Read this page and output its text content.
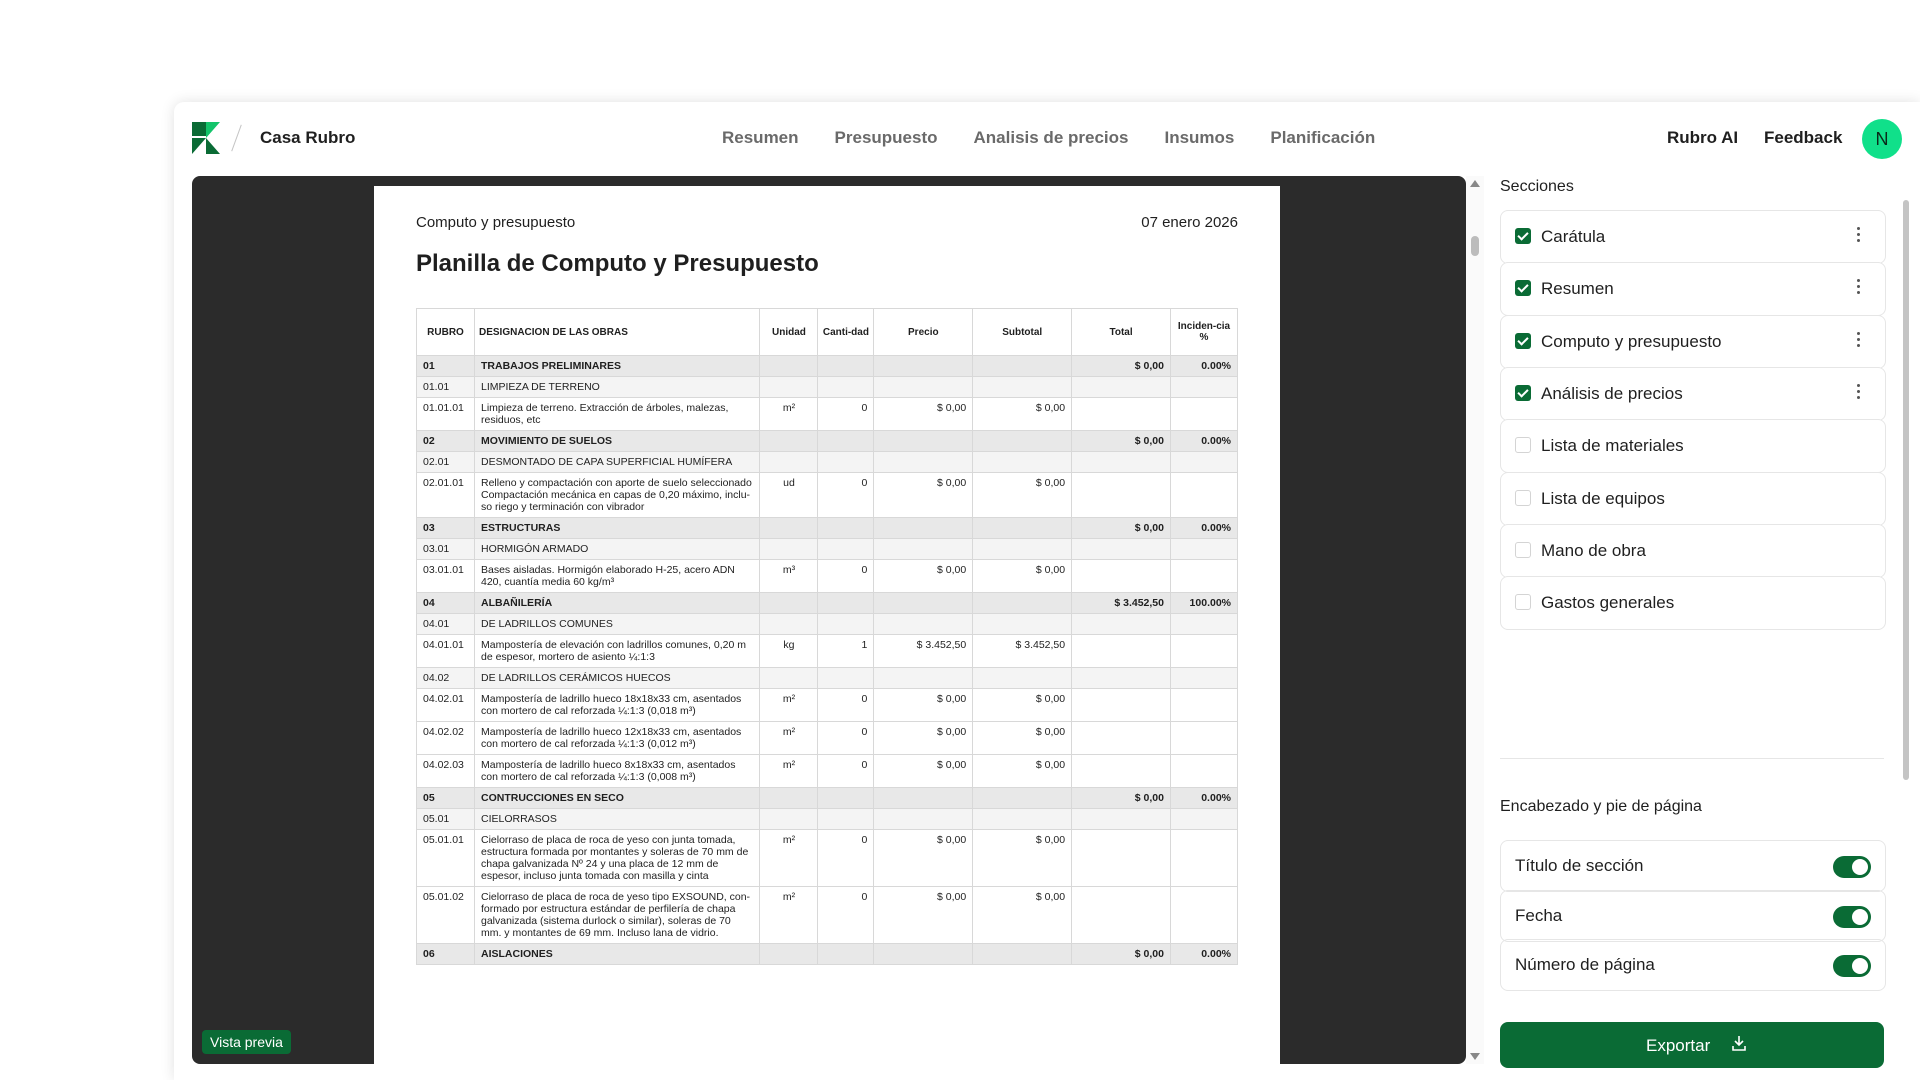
Casa Rubro	Resumen Presupuesto Analisis de precios Insumos Planificación	Rubro AI Feedback	N
Computo y presupuesto	07 enero 2026
Planilla de Computo y Presupuesto
RUBRO	DESIGNACION DE LAS OBRAS	Unidad	Canti-dad	Precio	Subtotal	Total	Inciden-cia %
01	TRABAJOS PRELIMINARES					$ 0,00	0.00%
01.01	LIMPIEZA DE TERRENO						
01.01.01	Limpieza de terreno. Extracción de árboles, malezas, residuos, etc	m²	0	$ 0,00	$ 0,00		
02	MOVIMIENTO DE SUELOS					$ 0,00	0.00%
02.01	DESMONTADO DE CAPA SUPERFICIAL HUMÍFERA						
02.01.01	Relleno y compactación con aporte de suelo seleccionado Compactación mecánica en capas de 0,20 máximo, inclu-so riego y terminación con vibrador	ud	0	$ 0,00	$ 0,00		
03	ESTRUCTURAS					$ 0,00	0.00%
03.01	HORMIGÓN ARMADO						
03.01.01	Bases aisladas. Hormigón elaborado H-25, acero ADN 420, cuantía media 60 kg/m³	m³	0	$ 0,00	$ 0,00		
04	ALBAÑILERÍA					$ 3.452,50	100.00%
04.01	DE LADRILLOS COMUNES						
04.01.01	Mampostería de elevación con ladrillos comunes, 0,20 m de espesor, mortero de asiento ¼:1:3	kg	1	$ 3.452,50	$ 3.452,50		
04.02	DE LADRILLOS CERÁMICOS HUECOS						
04.02.01	Mampostería de ladrillo hueco 18x18x33 cm, asentados con mortero de cal reforzada ¼:1:3 (0,018 m³)	m²	0	$ 0,00	$ 0,00		
04.02.02	Mampostería de ladrillo hueco 12x18x33 cm, asentados con mortero de cal reforzada ¼:1:3 (0,012 m³)	m²	0	$ 0,00	$ 0,00		
04.02.03	Mampostería de ladrillo hueco 8x18x33 cm, asentados con mortero de cal reforzada ¼:1:3 (0,008 m³)	m²	0	$ 0,00	$ 0,00		
05	CONTRUCCIONES EN SECO					$ 0,00	0.00%
05.01	CIELORRASOS						
05.01.01	Cielorraso de placa de roca de yeso con junta tomada, estructura formada por montantes y soleras de 70 mm de chapa galvanizada Nº 24 y una placa de 12 mm de espesor, incluso junta tomada con masilla y cinta	m²	0	$ 0,00	$ 0,00		
05.01.02	Cielorraso de placa de roca de yeso tipo EXSOUND, con-formado por estructura estándar de perfilería de chapa galvanizada (sistema durlock o similar), soleras de 70 mm. y montantes de 69 mm. Incluso lana de vidrio.	m²	0	$ 0,00	$ 0,00		
06	AISLACIONES					$ 0,00	0.00%
Vista previa
Secciones
Carátula
Resumen
Computo y presupuesto
Análisis de precios
Lista de materiales
Lista de equipos
Mano de obra
Gastos generales
Encabezado y pie de página
Título de sección
Fecha
Número de página
Exportar
